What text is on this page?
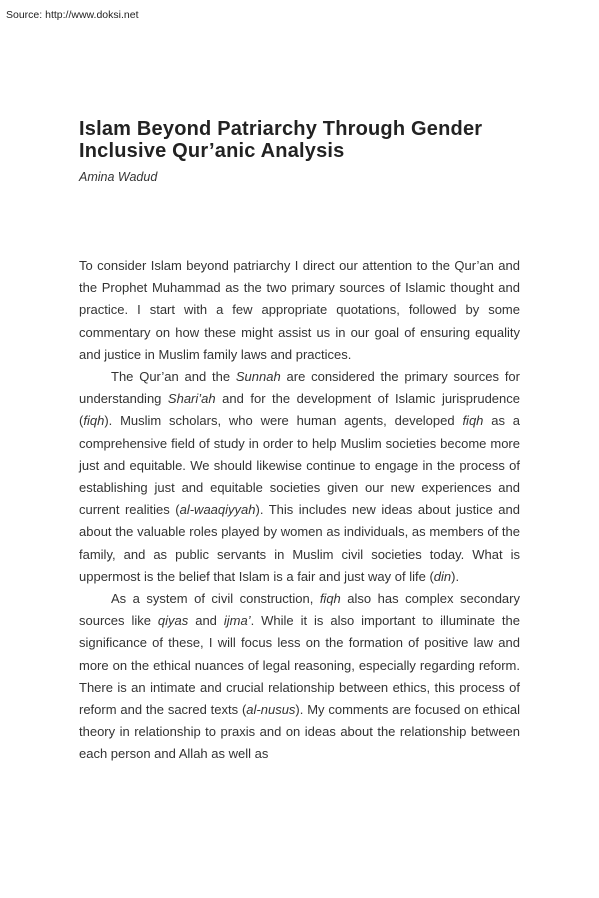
Source: http://www.doksi.net
Islam Beyond Patriarchy Through Gender
Inclusive Qur’anic Analysis
Amina Wadud

To consider Islam beyond patriarchy I direct our attention to the Qur’an and the Prophet Muhammad as the two primary sources of Islamic thought and practice. I start with a few appropriate quotations, followed by some commentary on how these might assist us in our goal of ensuring equality and justice in Muslim family laws and practices.

The Qur’an and the Sunnah are considered the primary sources for understanding Shari’ah and for the development of Islamic jurisprudence (fiqh). Muslim scholars, who were human agents, developed fiqh as a comprehensive field of study in order to help Muslim societies become more just and equitable. We should likewise continue to engage in the process of establishing just and equitable societies given our new experiences and current realities (al-waaqiyyah). This includes new ideas about justice and about the valuable roles played by women as individuals, as members of the family, and as public servants in Muslim civil societies today. What is uppermost is the belief that Islam is a fair and just way of life (din).

As a system of civil construction, fiqh also has complex secondary sources like qiyas and ijma’. While it is also important to illuminate the significance of these, I will focus less on the formation of positive law and more on the ethical nuances of legal reasoning, especially regarding reform. There is an intimate and crucial relationship between ethics, this process of reform and the sacred texts (al-nusus). My comments are focused on ethical theory in relationship to praxis and on ideas about the relationship between each person and Allah as well as
